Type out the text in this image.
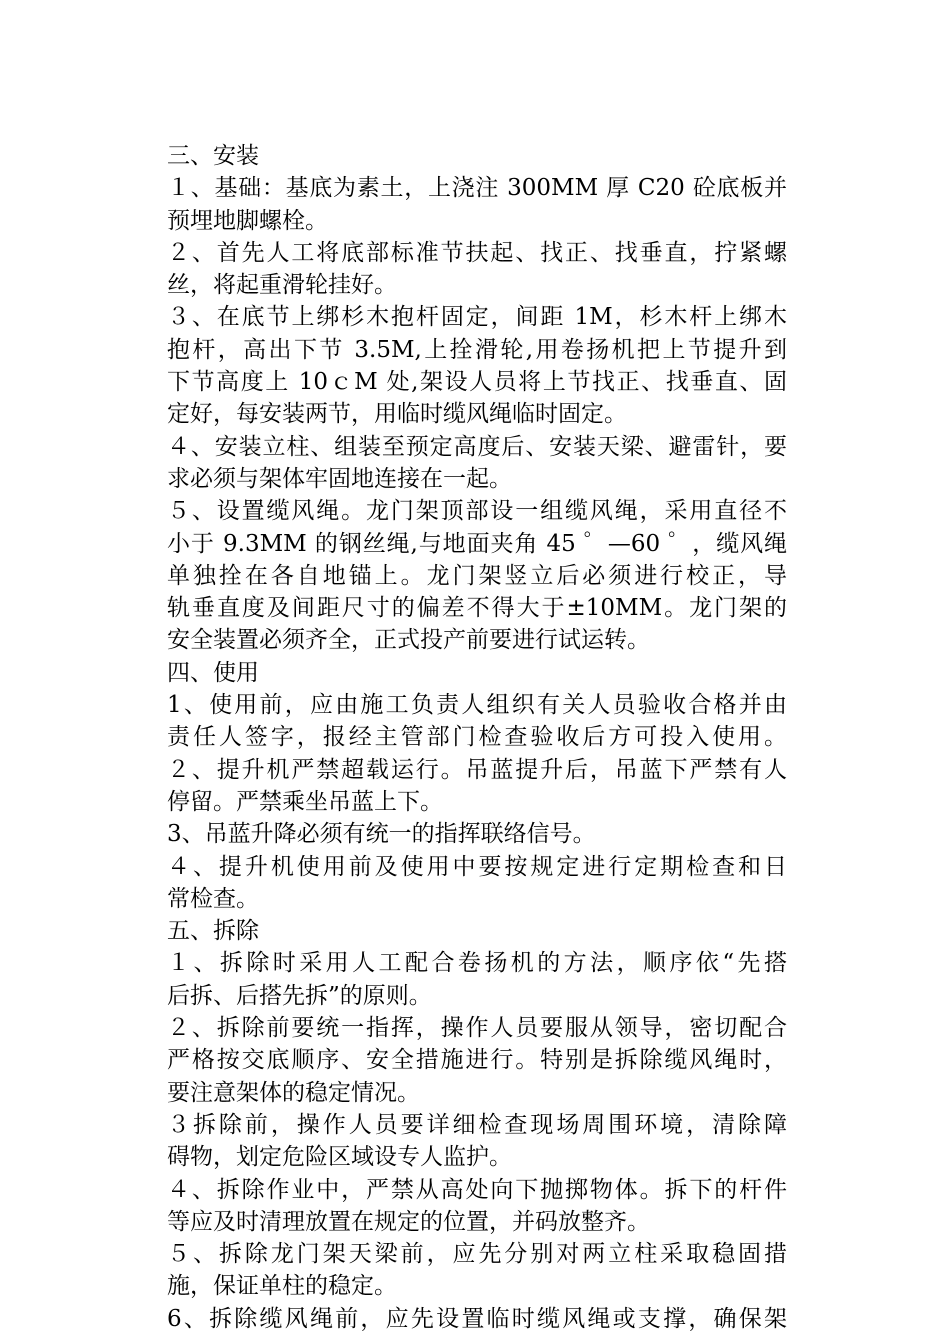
三、安装
１、基础：基底为素土，上浇注 300MM 厚 C20 砼底板并
预埋地脚螺栓。
２、首先人工将底部标准节扶起、找正、找垂直，拧紧螺
丝，将起重滑轮挂好。
３、在底节上绑杉木抱杆固定，间距 1M，杉木杆上绑木
抱杆，高出下节 3.5M,上拴滑轮,用卷扬机把上节提升到
下节高度上 10ｃM 处,架设人员将上节找正、找垂直、固
定好，每安装两节，用临时缆风绳临时固定。
４、安装立柱、组装至预定高度后、安装天梁、避雷针，要
求必须与架体牢固地连接在一起。
５、设置缆风绳。龙门架顶部设一组缆风绳，采用直径不
小于 9.3MM 的钢丝绳,与地面夹角 45 ゜—60 ゜，缆风绳
单独拴在各自地锚上。龙门架竖立后必须进行校正，导
轨垂直度及间距尺寸的偏差不得大于±10MM。龙门架的
安全装置必须齐全，正式投产前要进行试运转。
四、使用
1、使用前，应由施工负责人组织有关人员验收合格并由
责任人签字，报经主管部门检查验收后方可投入使用。
２、提升机严禁超载运行。吊蓝提升后，吊蓝下严禁有人
停留。严禁乘坐吊蓝上下。
3、吊蓝升降必须有统一的指挥联络信号。
４、提升机使用前及使用中要按规定进行定期检查和日
常检查。
五、拆除
１、拆除时采用人工配合卷扬机的方法，顺序依“先搭
后拆、后搭先拆”的原则。
２、拆除前要统一指挥，操作人员要服从领导，密切配合
严格按交底顺序、安全措施进行。特别是拆除缆风绳时，
要注意架体的稳定情况。
３拆除前，操作人员要详细检查现场周围环境，清除障
碍物，划定危险区域设专人监护。
４、拆除作业中，严禁从高处向下抛掷物体。拆下的杆件
等应及时清理放置在规定的位置，并码放整齐。
５、拆除龙门架天梁前，应先分别对两立柱采取稳固措
施，保证单柱的稳定。
6、拆除缆风绳前，应先设置临时缆风绳或支撑，确保架
